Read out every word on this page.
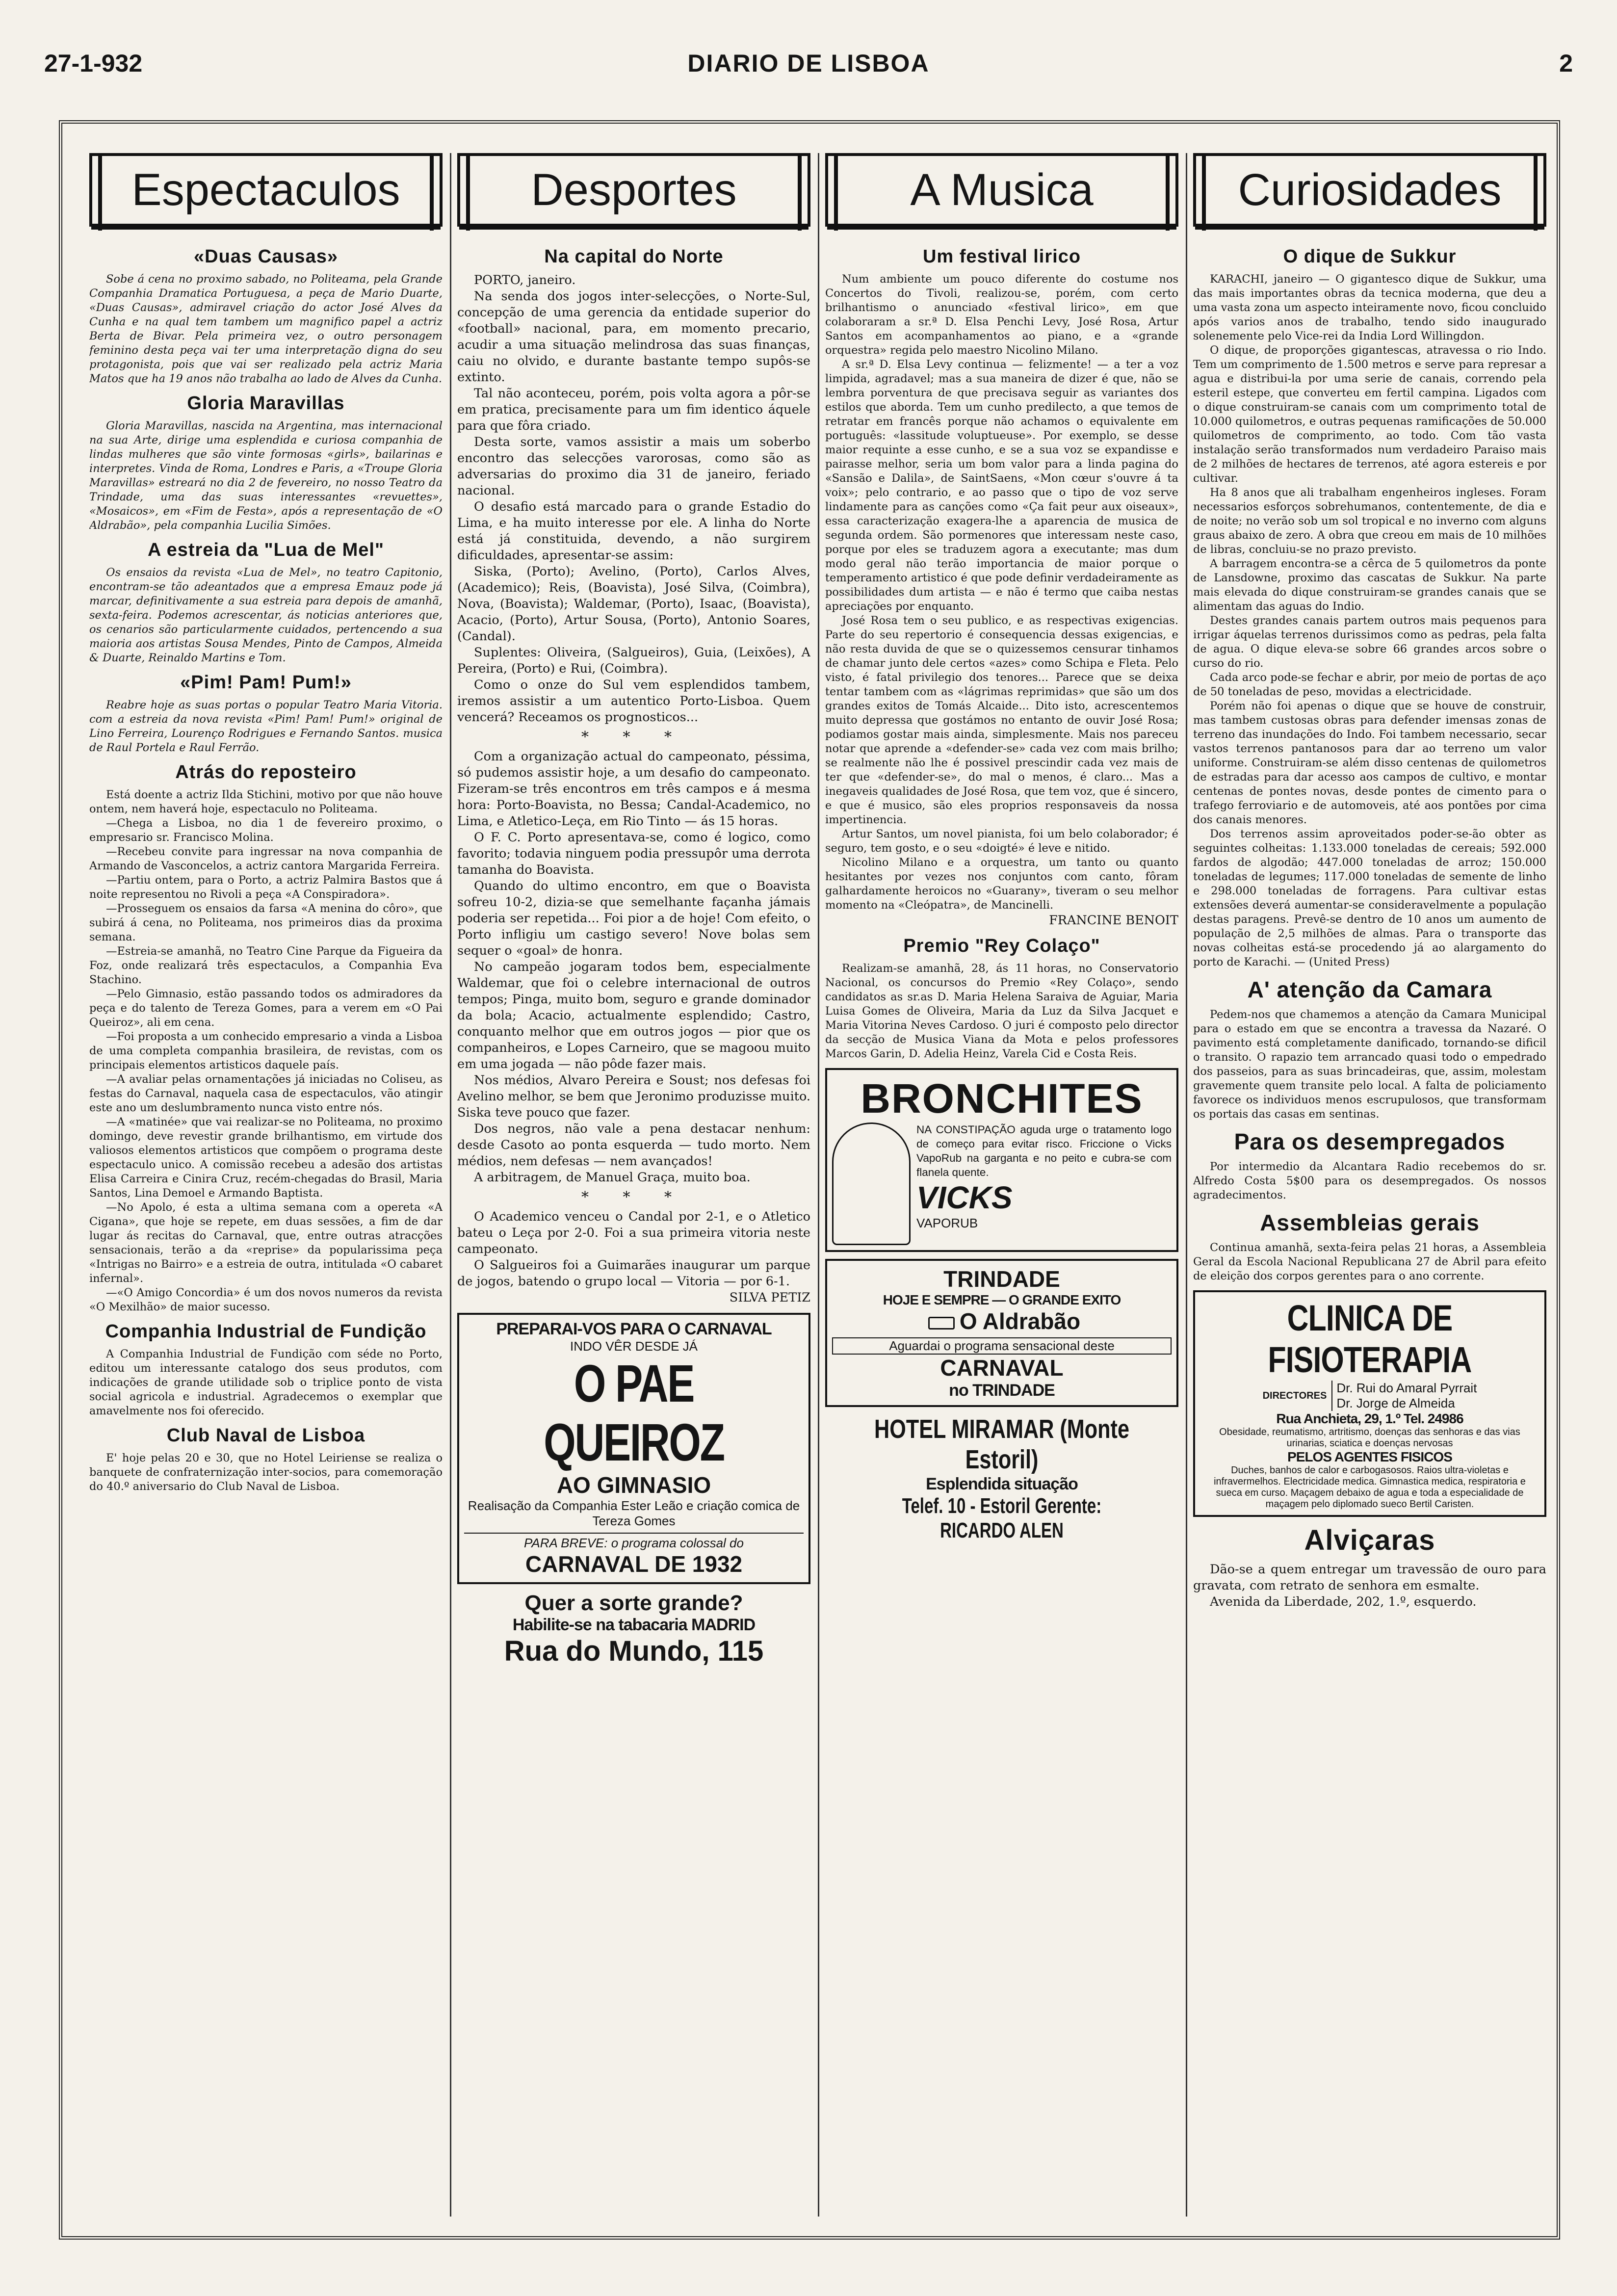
27-1-932	DIARIO DE LISBOA	2
Espectaculos
«Duas Causas»

Sobe á cena no proximo sabado, no Politeama, pela Grande Companhia Dramatica Portuguesa, a peça de Mario Duarte, «Duas Causas», admiravel criação do actor José Alves da Cunha e na qual tem tambem um magnifico papel a actriz Berta de Bivar. Pela primeira vez, o outro personagem feminino desta peça vai ter uma interpretação digna do seu protagonista, pois que vai ser realizado pela actriz Maria Matos que ha 19 anos não trabalha ao lado de Alves da Cunha.

Gloria Maravillas

Gloria Maravillas, nascida na Argentina, mas internacional na sua Arte, dirige uma esplendida e curiosa companhia de lindas mulheres que são vinte formosas «girls», bailarinas e interpretes. Vinda de Roma, Londres e Paris, a «Troupe Gloria Maravillas» estreará no dia 2 de fevereiro, no nosso Teatro da Trindade, uma das suas interessantes «revuettes», «Mosaicos», em «Fim de Festa», após a representação de «O Aldrabão», pela companhia Lucilia Simões.

A estreia da "Lua de Mel"

Os ensaios da revista «Lua de Mel», no teatro Capitonio, encontram-se tão adeantados que a empresa Emauz pode já marcar, definitivamente a sua estreia para depois de amanhã, sexta-feira. Podemos acrescentar, ás noticias anteriores que, os cenarios são particularmente cuidados, pertencendo a sua maioria aos artistas Sousa Mendes, Pinto de Campos, Almeida & Duarte, Reinaldo Martins e Tom.

«Pim! Pam! Pum!»

Reabre hoje as suas portas o popular Teatro Maria Vitoria. com a estreia da nova revista «Pim! Pam! Pum!» original de Lino Ferreira, Lourenço Rodrigues e Fernando Santos. musica de Raul Portela e Raul Ferrão.

Atrás do reposteiro

Está doente a actriz Ilda Stichini, motivo por que não houve ontem, nem haverá hoje, espectaculo no Politeama.

—Chega a Lisboa, no dia 1 de fevereiro proximo, o empresario sr. Francisco Molina.

—Recebeu convite para ingressar na nova companhia de Armando de Vasconcelos, a actriz cantora Margarida Ferreira.

—Partiu ontem, para o Porto, a actriz Palmira Bastos que á noite representou no Rivoli a peça «A Conspiradora».

—Prosseguem os ensaios da farsa «A menina do côro», que subirá á cena, no Politeama, nos primeiros dias da proxima semana.

—Estreia-se amanhã, no Teatro Cine Parque da Figueira da Foz, onde realizará três espectaculos, a Companhia Eva Stachino.

—Pelo Gimnasio, estão passando todos os admiradores da peça e do talento de Tereza Gomes, para a verem em «O Pai Queiroz», ali em cena.

—Foi proposta a um conhecido empresario a vinda a Lisboa de uma completa companhia brasileira, de revistas, com os principais elementos artisticos daquele país.

—A avaliar pelas ornamentações já iniciadas no Coliseu, as festas do Carnaval, naquela casa de espectaculos, vão atingir este ano um deslumbramento nunca visto entre nós.

—A «matinée» que vai realizar-se no Politeama, no proximo domingo, deve revestir grande brilhantismo, em virtude dos valiosos elementos artisticos que compõem o programa deste espectaculo unico. A comissão recebeu a adesão dos artistas Elisa Carreira e Cinira Cruz, recém-chegadas do Brasil, Maria Santos, Lina Demoel e Armando Baptista.

—No Apolo, é esta a ultima semana com a opereta «A Cigana», que hoje se repete, em duas sessões, a fim de dar lugar ás recitas do Carnaval, que, entre outras atracções sensacionais, terão a da «reprise» da popularissima peça «Intrigas no Bairro» e a estreia de outra, intitulada «O cabaret infernal».

—«O Amigo Concordia» é um dos novos numeros da revista «O Mexilhão» de maior sucesso.

Companhia Industrial de Fundição

A Companhia Industrial de Fundição com séde no Porto, editou um interessante catalogo dos seus produtos, com indicações de grande utilidade sob o triplice ponto de vista social agricola e industrial. Agradecemos o exemplar que amavelmente nos foi oferecido.

Club Naval de Lisboa

E' hoje pelas 20 e 30, que no Hotel Leiriense se realiza o banquete de confraternização inter-socios, para comemoração do 40.º aniversario do Club Naval de Lisboa.

Desportes
Na capital do Norte

PORTO, janeiro.

Na senda dos jogos inter-selecções, o Norte-Sul, concepção de uma gerencia da entidade superior do «football» nacional, para, em momento precario, acudir a uma situação melindrosa das suas finanças, caiu no olvido, e durante bastante tempo supôs-se extinto.

Tal não aconteceu, porém, pois volta agora a pôr-se em pratica, precisamente para um fim identico áquele para que fôra criado.

Desta sorte, vamos assistir a mais um soberbo encontro das selecções varorosas, como são as adversarias do proximo dia 31 de janeiro, feriado nacional.

O desafio está marcado para o grande Estadio do Lima, e ha muito interesse por ele. A linha do Norte está já constituida, devendo, a não surgirem dificuldades, apresentar-se assim:

Siska, (Porto); Avelino, (Porto), Carlos Alves, (Academico); Reis, (Boavista), José Silva, (Coimbra), Nova, (Boavista); Waldemar, (Porto), Isaac, (Boavista), Acacio, (Porto), Artur Sousa, (Porto), Antonio Soares, (Candal).

Suplentes: Oliveira, (Salgueiros), Guia, (Leixões), A Pereira, (Porto) e Rui, (Coimbra).

Como o onze do Sul vem esplendidos tambem, iremos assistir a um autentico Porto-Lisboa. Quem vencerá? Receamos os prognosticos...

* * *

Com a organização actual do campeonato, péssima, só pudemos assistir hoje, a um desafio do campeonato. Fizeram-se três encontros em três campos e á mesma hora: Porto-Boavista, no Bessa; Candal-Academico, no Lima, e Atletico-Leça, em Rio Tinto — ás 15 horas.

O F. C. Porto apresentava-se, como é logico, como favorito; todavia ninguem podia pressupôr uma derrota tamanha do Boavista.

Quando do ultimo encontro, em que o Boavista sofreu 10-2, dizia-se que semelhante façanha jámais poderia ser repetida... Foi pior a de hoje! Com efeito, o Porto infligiu um castigo severo! Nove bolas sem sequer o «goal» de honra.

No campeão jogaram todos bem, especialmente Waldemar, que foi o celebre internacional de outros tempos; Pinga, muito bom, seguro e grande dominador da bola; Acacio, actualmente esplendido; Castro, conquanto melhor que em outros jogos — pior que os companheiros, e Lopes Carneiro, que se magoou muito em uma jogada — não pôde fazer mais.

Nos médios, Alvaro Pereira e Soust; nos defesas foi Avelino melhor, se bem que Jeronimo produzisse muito. Siska teve pouco que fazer.

Dos negros, não vale a pena destacar nenhum: desde Casoto ao ponta esquerda — tudo morto. Nem médios, nem defesas — nem avançados!

A arbitragem, de Manuel Graça, muito boa.

* * *

O Academico venceu o Candal por 2-1, e o Atletico bateu o Leça por 2-0. Foi a sua primeira vitoria neste campeonato.

O Salgueiros foi a Guimarães inaugurar um parque de jogos, batendo o grupo local — Vitoria — por 6-1.

SILVA PETIZ

PREPARAI-VOS PARA O CARNAVAL
INDO VÊR DESDE JÁ
O PAE QUEIROZ
AO GIMNASIO
Realisação da Companhia Ester Leão e criação comica de Tereza Gomes
PARA BREVE: o programa colossal do
CARNAVAL DE 1932
Quer a sorte grande?
Habilite-se na tabacaria MADRID
Rua do Mundo, 115
A Musica
Um festival lirico

Num ambiente um pouco diferente do costume nos Concertos do Tivoli, realizou-se, porém, com certo brilhantismo o anunciado «festival lirico», em que colaboraram a sr.ª D. Elsa Penchi Levy, José Rosa, Artur Santos em acompanhamentos ao piano, e a «grande orquestra» regida pelo maestro Nicolino Milano.

A sr.ª D. Elsa Levy continua — felizmente! — a ter a voz limpida, agradavel; mas a sua maneira de dizer é que, não se lembra porventura de que precisava seguir as variantes dos estilos que aborda. Tem um cunho predilecto, a que temos de retratar em francês porque não achamos o equivalente em português: «lassitude voluptueuse». Por exemplo, se desse maior requinte a esse cunho, e se a sua voz se expandisse e pairasse melhor, seria um bom valor para a linda pagina do «Sansão e Dalila», de SaintSaens, «Mon cœur s'ouvre á ta voix»; pelo contrario, e ao passo que o tipo de voz serve lindamente para as canções como «Ça fait peur aux oiseaux», essa caracterização exagera-lhe a aparencia de musica de segunda ordem. São pormenores que interessam neste caso, porque por eles se traduzem agora a executante; mas dum modo geral não terão importancia de maior porque o temperamento artistico é que pode definir verdadeiramente as possibilidades dum artista — e não é termo que caiba nestas apreciações por enquanto.

José Rosa tem o seu publico, e as respectivas exigencias. Parte do seu repertorio é consequencia dessas exigencias, e não resta duvida de que se o quizessemos censurar tinhamos de chamar junto dele certos «azes» como Schipa e Fleta. Pelo visto, é fatal privilegio dos tenores... Parece que se deixa tentar tambem com as «lágrimas reprimidas» que são um dos grandes exitos de Tomás Alcaide... Dito isto, acrescentemos muito depressa que gostámos no entanto de ouvir José Rosa; podiamos gostar mais ainda, simplesmente. Mais nos pareceu notar que aprende a «defender-se» cada vez com mais brilho; se realmente não lhe é possivel prescindir cada vez mais de ter que «defender-se», do mal o menos, é claro... Mas a inegaveis qualidades de José Rosa, que tem voz, que é sincero, e que é musico, são eles proprios responsaveis da nossa impertinencia.

Artur Santos, um novel pianista, foi um belo colaborador; é seguro, tem gosto, e o seu «doigté» é leve e nitido.

Nicolino Milano e a orquestra, um tanto ou quanto hesitantes por vezes nos conjuntos com canto, fôram galhardamente heroicos no «Guarany», tiveram o seu melhor momento na «Cleópatra», de Mancinelli.

FRANCINE BENOIT

Premio "Rey Colaço"

Realizam-se amanhã, 28, ás 11 horas, no Conservatorio Nacional, os concursos do Premio «Rey Colaço», sendo candidatos as sr.as D. Maria Helena Saraiva de Aguiar, Maria Luisa Gomes de Oliveira, Maria da Luz da Silva Jacquet e Maria Vitorina Neves Cardoso. O juri é composto pelo director da secção de Musica Viana da Mota e pelos professores Marcos Garin, D. Adelia Heinz, Varela Cid e Costa Reis.

BRONCHITES

NA CONSTIPAÇÃO aguda urge o tratamento logo de começo para evitar risco. Friccione o Vicks VapoRub na garganta e no peito e cubra-se com flanela quente.

VICKS
VAPORUB
TRINDADE
HOJE E SEMPRE — O GRANDE EXITO
O Aldrabão
Aguardai o programa sensacional deste
CARNAVAL
no TRINDADE
HOTEL MIRAMAR (Monte Estoril)
Esplendida situação
Telef. 10 - Estoril Gerente: RICARDO ALEN
Curiosidades
O dique de Sukkur

KARACHI, janeiro — O gigantesco dique de Sukkur, uma das mais importantes obras da tecnica moderna, que deu a uma vasta zona um aspecto inteiramente novo, ficou concluido após varios anos de trabalho, tendo sido inaugurado solenemente pelo Vice-rei da India Lord Willingdon.

O dique, de proporções gigantescas, atravessa o rio Indo. Tem um comprimento de 1.500 metros e serve para represar a agua e distribui-la por uma serie de canais, correndo pela esteril estepe, que converteu em fertil campina. Ligados com o dique construiram-se canais com um comprimento total de 10.000 quilometros, e outras pequenas ramificações de 50.000 quilometros de comprimento, ao todo. Com tão vasta instalação serão transformados num verdadeiro Paraiso mais de 2 milhões de hectares de terrenos, até agora estereis e por cultivar.

Ha 8 anos que ali trabalham engenheiros ingleses. Foram necessarios esforços sobrehumanos, contentemente, de dia e de noite; no verão sob um sol tropical e no inverno com alguns graus abaixo de zero. A obra que creou em mais de 10 milhões de libras, concluiu-se no prazo previsto.

A barragem encontra-se a cêrca de 5 quilometros da ponte de Lansdowne, proximo das cascatas de Sukkur. Na parte mais elevada do dique construiram-se grandes canais que se alimentam das aguas do Indio.

Destes grandes canais partem outros mais pequenos para irrigar áquelas terrenos durissimos como as pedras, pela falta de agua. O dique eleva-se sobre 66 grandes arcos sobre o curso do rio.

Cada arco pode-se fechar e abrir, por meio de portas de aço de 50 toneladas de peso, movidas a electricidade.

Porém não foi apenas o dique que se houve de construir, mas tambem custosas obras para defender imensas zonas de terreno das inundações do Indo. Foi tambem necessario, secar vastos terrenos pantanosos para dar ao terreno um valor uniforme. Construiram-se além disso centenas de quilometros de estradas para dar acesso aos campos de cultivo, e montar centenas de pontes novas, desde pontes de cimento para o trafego ferroviario e de automoveis, até aos pontões por cima dos canais menores.

Dos terrenos assim aproveitados poder-se-ão obter as seguintes colheitas: 1.133.000 toneladas de cereais; 592.000 fardos de algodão; 447.000 toneladas de arroz; 150.000 toneladas de legumes; 117.000 toneladas de semente de linho e 298.000 toneladas de forragens. Para cultivar estas extensões deverá aumentar-se consideravelmente a população destas paragens. Prevê-se dentro de 10 anos um aumento de população de 2,5 milhões de almas. Para o transporte das novas colheitas está-se procedendo já ao alargamento do porto de Karachi. — (United Press)

A' atenção da Camara

Pedem-nos que chamemos a atenção da Camara Municipal para o estado em que se encontra a travessa da Nazaré. O pavimento está completamente danificado, tornando-se dificil o transito. O rapazio tem arrancado quasi todo o empedrado dos passeios, para as suas brincadeiras, que, assim, molestam gravemente quem transite pelo local. A falta de policiamento favorece os individuos menos escrupulosos, que transformam os portais das casas em sentinas.

Para os desempregados

Por intermedio da Alcantara Radio recebemos do sr. Alfredo Costa 5$00 para os desempregados. Os nossos agradecimentos.

Assembleias gerais

Continua amanhã, sexta-feira pelas 21 horas, a Assembleia Geral da Escola Nacional Republicana 27 de Abril para efeito de eleição dos corpos gerentes para o ano corrente.

CLINICA DE FISIOTERAPIA
DIRECTORES
Dr. Rui do Amaral Pyrrait
Dr. Jorge de Almeida
Rua Anchieta, 29, 1.º Tel. 24986
Obesidade, reumatismo, artritismo, doenças das senhoras e das vias urinarias, sciatica e doenças nervosas
PELOS AGENTES FISICOS
Duches, banhos de calor e carbogasosos. Raios ultra-violetas e infravermelhos. Electricidade medica. Gimnastica medica, respiratoria e sueca em curso. Maçagem debaixo de agua e toda a especialidade de maçagem pelo diplomado sueco Bertil Caristen.
Alviçaras

Dão-se a quem entregar um travessão de ouro para gravata, com retrato de senhora em esmalte.

Avenida da Liberdade, 202, 1.º, esquerdo.
